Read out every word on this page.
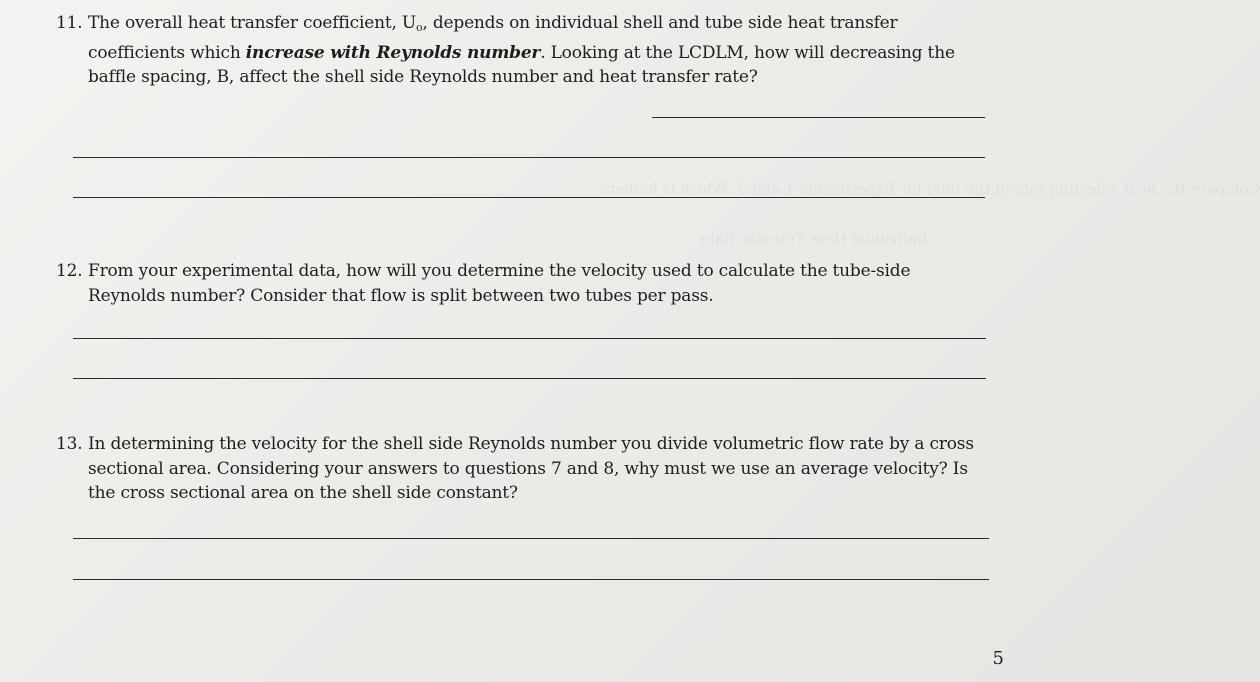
Compare the heat selection rate of the fluid for Experiments 1 and 2. Which is higher?
Individual Heat Transfer Rate
11. The overall heat transfer coefficient, $U_o$, depends on individual shell and tube side heat transfer coefficients which increase with Reynolds number. Looking at the LCDLM, how will decreasing the baffle spacing, B, affect the shell side Reynolds number and heat transfer rate?
12. From your experimental data, how will you determine the velocity used to calculate the tube-side Reynolds number? Consider that flow is split between two tubes per pass.
13. In determining the velocity for the shell side Reynolds number you divide volumetric flow rate by a cross sectional area. Considering your answers to questions 7 and 8, why must we use an average velocity? Is the cross sectional area on the shell side constant?
5
